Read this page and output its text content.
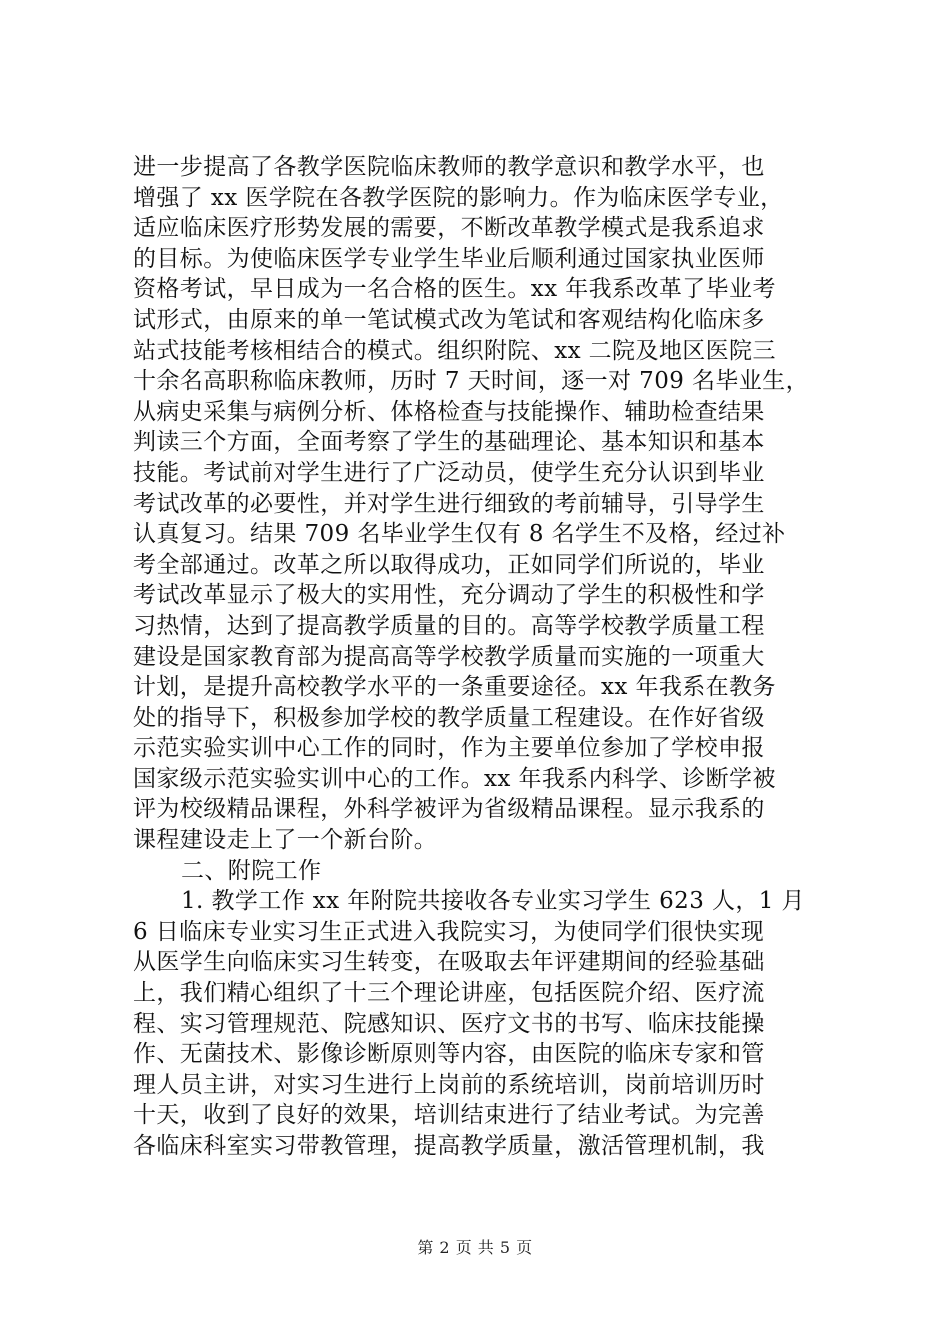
进一步提高了各教学医院临床教师的教学意识和教学水平，也
增强了 xx 医学院在各教学医院的影响力。作为临床医学专业，
适应临床医疗形势发展的需要，不断改革教学模式是我系追求
的目标。为使临床医学专业学生毕业后顺利通过国家执业医师
资格考试，早日成为一名合格的医生。xx 年我系改革了毕业考
试形式，由原来的单一笔试模式改为笔试和客观结构化临床多
站式技能考核相结合的模式。组织附院、xx 二院及地区医院三
十余名高职称临床教师，历时 7 天时间，逐一对 709 名毕业生，
从病史采集与病例分析、体格检查与技能操作、辅助检查结果
判读三个方面，全面考察了学生的基础理论、基本知识和基本
技能。考试前对学生进行了广泛动员，使学生充分认识到毕业
考试改革的必要性，并对学生进行细致的考前辅导，引导学生
认真复习。结果 709 名毕业学生仅有 8 名学生不及格，经过补
考全部通过。改革之所以取得成功，正如同学们所说的，毕业
考试改革显示了极大的实用性，充分调动了学生的积极性和学
习热情，达到了提高教学质量的目的。高等学校教学质量工程
建设是国家教育部为提高高等学校教学质量而实施的一项重大
计划，是提升高校教学水平的一条重要途径。xx 年我系在教务
处的指导下，积极参加学校的教学质量工程建设。在作好省级
示范实验实训中心工作的同时，作为主要单位参加了学校申报
国家级示范实验实训中心的工作。xx 年我系内科学、诊断学被
评为校级精品课程，外科学被评为省级精品课程。显示我系的
课程建设走上了一个新台阶。
二、附院工作
1. 教学工作 xx 年附院共接收各专业实习学生 623 人，1 月
6 日临床专业实习生正式进入我院实习，为使同学们很快实现
从医学生向临床实习生转变，在吸取去年评建期间的经验基础
上，我们精心组织了十三个理论讲座，包括医院介绍、医疗流
程、实习管理规范、院感知识、医疗文书的书写、临床技能操
作、无菌技术、影像诊断原则等内容，由医院的临床专家和管
理人员主讲，对实习生进行上岗前的系统培训，岗前培训历时
十天，收到了良好的效果，培训结束进行了结业考试。为完善
各临床科室实习带教管理，提高教学质量，激活管理机制，我
第 2 页 共 5 页
